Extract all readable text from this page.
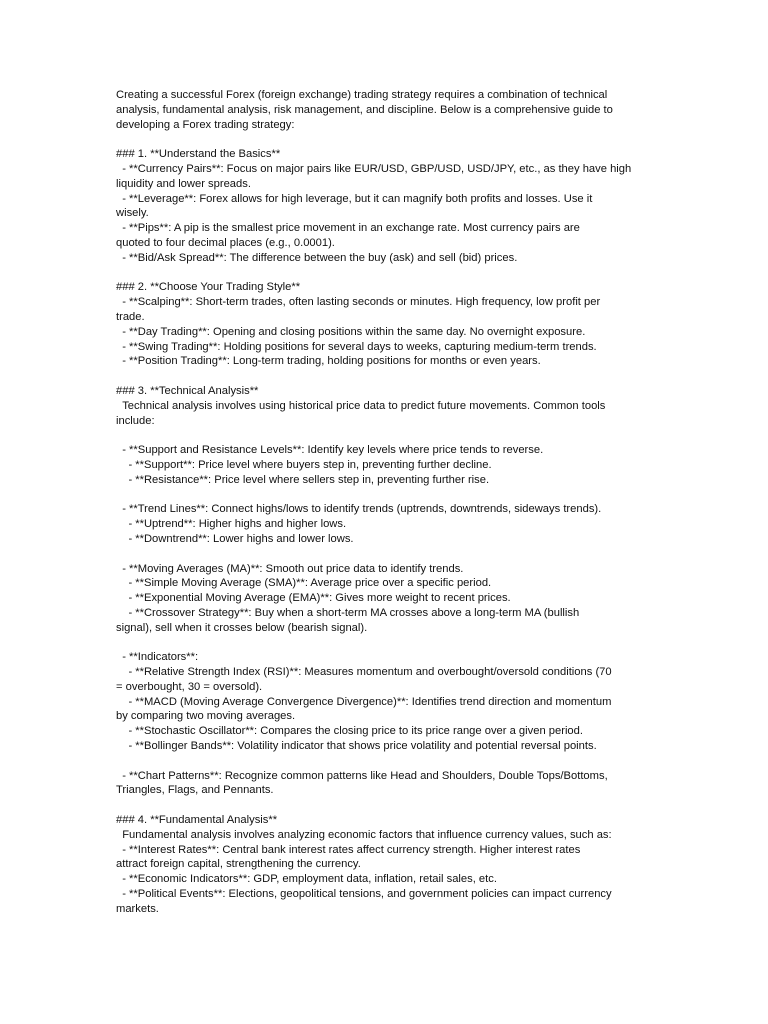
Creating a successful Forex (foreign exchange) trading strategy requires a combination of technical

analysis, fundamental analysis, risk management, and discipline. Below is a comprehensive guide to

developing a Forex trading strategy:

### 1. **Understand the Basics**

- **Currency Pairs**: Focus on major pairs like EUR/USD, GBP/USD, USD/JPY, etc., as they have high

liquidity and lower spreads.

- **Leverage**: Forex allows for high leverage, but it can magnify both profits and losses. Use it

wisely.

- **Pips**: A pip is the smallest price movement in an exchange rate. Most currency pairs are

quoted to four decimal places (e.g., 0.0001).

- **Bid/Ask Spread**: The difference between the buy (ask) and sell (bid) prices.

### 2. **Choose Your Trading Style**

- **Scalping**: Short-term trades, often lasting seconds or minutes. High frequency, low profit per

trade.

- **Day Trading**: Opening and closing positions within the same day. No overnight exposure.

- **Swing Trading**: Holding positions for several days to weeks, capturing medium-term trends.

- **Position Trading**: Long-term trading, holding positions for months or even years.

### 3. **Technical Analysis**

Technical analysis involves using historical price data to predict future movements. Common tools

include:

- **Support and Resistance Levels**: Identify key levels where price tends to reverse.

- **Support**: Price level where buyers step in, preventing further decline.

- **Resistance**: Price level where sellers step in, preventing further rise.

- **Trend Lines**: Connect highs/lows to identify trends (uptrends, downtrends, sideways trends).

- **Uptrend**: Higher highs and higher lows.

- **Downtrend**: Lower highs and lower lows.

- **Moving Averages (MA)**: Smooth out price data to identify trends.

- **Simple Moving Average (SMA)**: Average price over a specific period.

- **Exponential Moving Average (EMA)**: Gives more weight to recent prices.

- **Crossover Strategy**: Buy when a short-term MA crosses above a long-term MA (bullish

signal), sell when it crosses below (bearish signal).

- **Indicators**:

- **Relative Strength Index (RSI)**: Measures momentum and overbought/oversold conditions (70

= overbought, 30 = oversold).

- **MACD (Moving Average Convergence Divergence)**: Identifies trend direction and momentum

by comparing two moving averages.

- **Stochastic Oscillator**: Compares the closing price to its price range over a given period.

- **Bollinger Bands**: Volatility indicator that shows price volatility and potential reversal points.

- **Chart Patterns**: Recognize common patterns like Head and Shoulders, Double Tops/Bottoms,

Triangles, Flags, and Pennants.

### 4. **Fundamental Analysis**

Fundamental analysis involves analyzing economic factors that influence currency values, such as:

- **Interest Rates**: Central bank interest rates affect currency strength. Higher interest rates

attract foreign capital, strengthening the currency.

- **Economic Indicators**: GDP, employment data, inflation, retail sales, etc.

- **Political Events**: Elections, geopolitical tensions, and government policies can impact currency

markets.
